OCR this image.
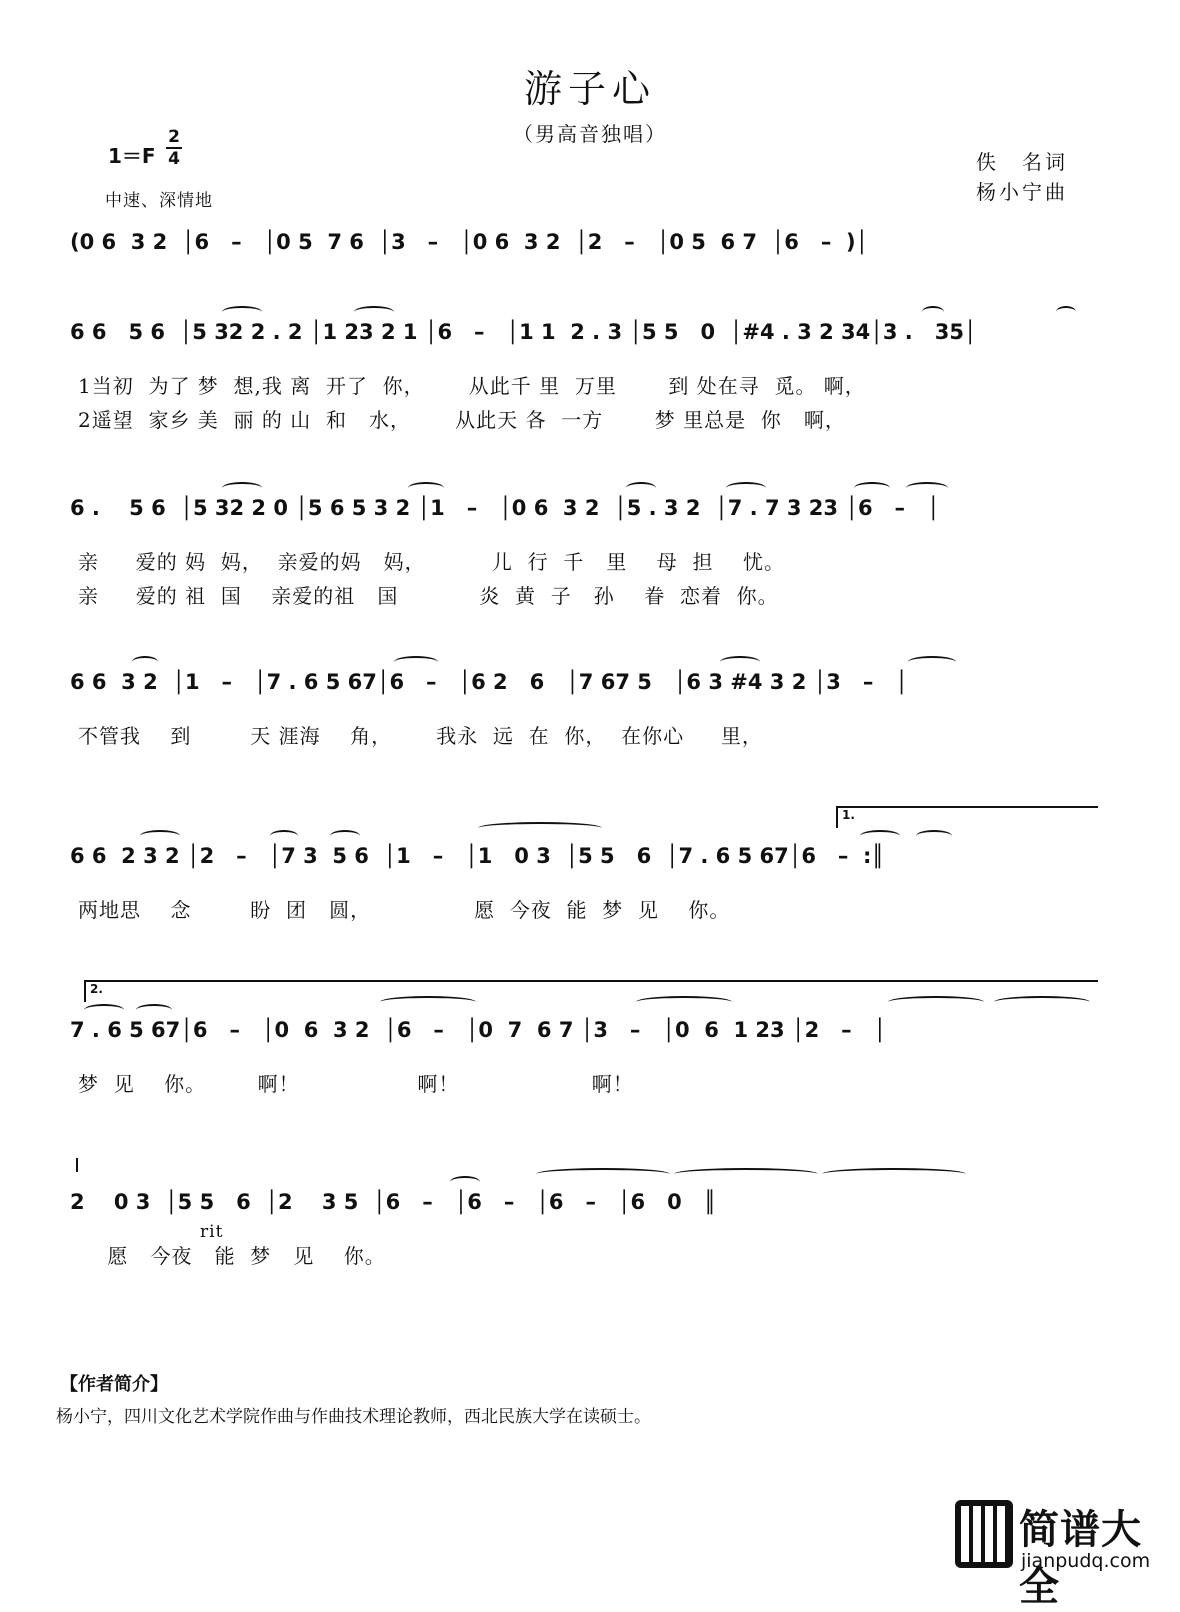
游子心
（男高音独唱）
1＝F
2
4
中速、深情地
佚　名词
杨小宁曲
(0 6  3 2  │6   –   │0 5  7 6  │3   –   │0 6  3 2  │2   –   │0 5  6 7  │6   –  )│
6 6   5 6  │5 32 2 . 2 │1 23 2 1 │6   –   │1 1  2 . 3 │5 5   0  │#4 . 3 2 34│3 .   35│
1当初  为了 梦  想,我 离  开了  你，      从此千 里  万里       到 处在寻  觅。 啊，
2遥望  家乡 美  丽 的 山  和   水，      从此天 各  一方       梦 里总是  你   啊，
6 .    5 6  │5 32 2 0 │5 6 5 3 2 │1   –   │0 6  3 2  │5 . 3 2  │7 . 7 3 23 │6   –   │
亲     爱的 妈  妈，  亲爱的妈   妈，         儿  行  千   里    母  担    忧。
亲     爱的 祖  国    亲爱的祖   国           炎  黄  子   孙    眷  恋着  你。
6 6  3 2  │1   –   │7 . 6 5 67│6   –   │6 2   6   │7 67 5   │6 3 #4 3 2 │3   –   │
不管我    到        天 涯海    角，      我永  远  在  你，  在你心     里，
1.
6 6  2 3 2 │2   –   │7 3  5 6  │1   –   │1   0 3  │5 5   6  │7 . 6 5 67│6   –  :║
两地思    念        盼  团   圆，              愿  今夜  能  梦  见    你。
2.
7 . 6 5 67│6   –   │0  6  3 2  │6   –   │0  7  6 7 │3   –   │0  6  1 23 │2   –   │
梦  见    你。       啊！                啊！                  啊！
2    0 3  │5 5   6  │2    3 5  │6   –   │6   –   │6   –   │6   0   ║
愿   今夜   能  梦   见    你。
rit
【作者简介】
杨小宁，四川文化艺术学院作曲与作曲技术理论教师，西北民族大学在读硕士。
简谱大全
jianpudq.com
